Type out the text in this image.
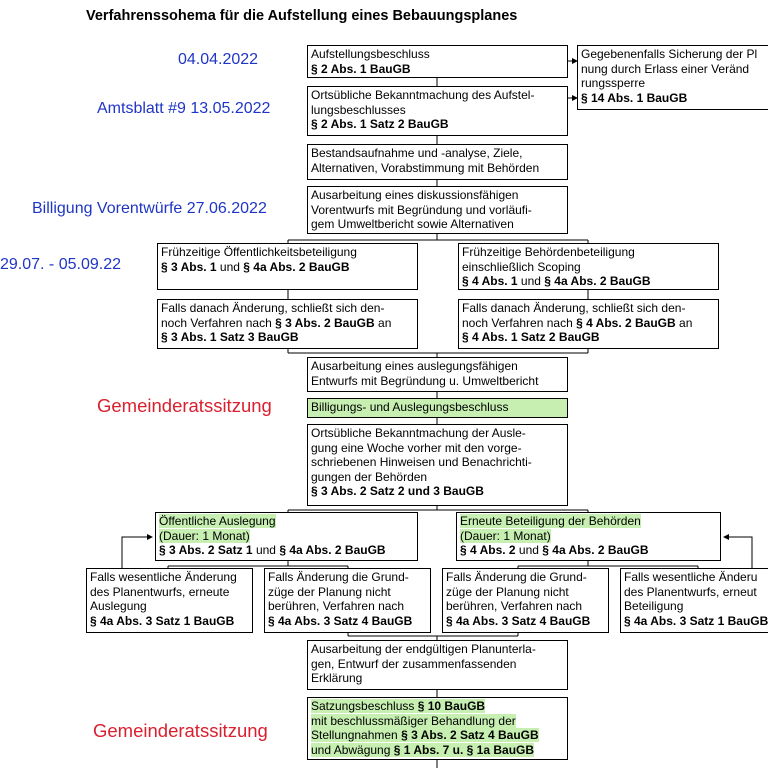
Verfahrenssohema für die Aufstellung eines Bebauungsplanes
04.04.2022
Amtsblatt #9 13.05.2022
Billigung Vorentwürfe 27.06.2022
29.07. - 05.09.22
Gemeinderatssitzung
Gemeinderatssitzung
Aufstellungsbeschluss
§ 2 Abs. 1 BauGB
Gegebenenfalls Sicherung der Pl
nung durch Erlass einer Veränd
rungssperre
§ 14 Abs. 1 BauGB
Ortsübliche Bekanntmachung des Aufstel-
lungsbeschlusses
§ 2 Abs. 1 Satz 2 BauGB
Bestandsaufnahme und -analyse, Ziele,
Alternativen, Vorabstimmung mit Behörden
Ausarbeitung eines diskussionsfähigen
Vorentwurfs mit Begründung und vorläufi-
gem Umweltbericht sowie Alternativen
Frühzeitige Öffentlichkeitsbeteiligung
§ 3 Abs. 1 und § 4a Abs. 2 BauGB
Frühzeitige Behördenbeteiligung
einschließlich Scoping
§ 4 Abs. 1 und § 4a Abs. 2 BauGB
Falls danach Änderung, schließt sich den-
noch Verfahren nach § 3 Abs. 2 BauGB an
§ 3 Abs. 1 Satz 3 BauGB
Falls danach Änderung, schließt sich den-
noch Verfahren nach § 4 Abs. 2 BauGB an
§ 4 Abs. 1 Satz 2 BauGB
Ausarbeitung eines auslegungsfähigen
Entwurfs mit Begründung u. Umweltbericht
Billigungs- und Auslegungsbeschluss
Ortsübliche Bekanntmachung der Ausle-
gung eine Woche vorher mit den vorge-
schriebenen Hinweisen und Benachrichti-
gungen der Behörden
§ 3 Abs. 2 Satz 2 und 3 BauGB
Öffentliche Auslegung
(Dauer: 1 Monat)
§ 3 Abs. 2 Satz 1 und § 4a Abs. 2 BauGB
Erneute Beteiligung der Behörden
(Dauer: 1 Monat)
§ 4 Abs. 2 und § 4a Abs. 2 BauGB
Falls wesentliche Änderung
des Planentwurfs, erneute
Auslegung
§ 4a Abs. 3 Satz 1 BauGB
Falls Änderung die Grund-
züge der Planung nicht
berühren, Verfahren nach
§ 4a Abs. 3 Satz 4 BauGB
Falls Änderung die Grund-
züge der Planung nicht
berühren, Verfahren nach
§ 4a Abs. 3 Satz 4 BauGB
Falls wesentliche Änderu
des Planentwurfs, erneut
Beteiligung
§ 4a Abs. 3 Satz 1 BauGB
Ausarbeitung der endgültigen Planunterla-
gen, Entwurf der zusammenfassenden
Erklärung
Satzungsbeschluss § 10 BauGB
mit beschlussmäßiger Behandlung der
Stellungnahmen § 3 Abs. 2 Satz 4 BauGB
und Abwägung § 1 Abs. 7 u. § 1a BauGB
